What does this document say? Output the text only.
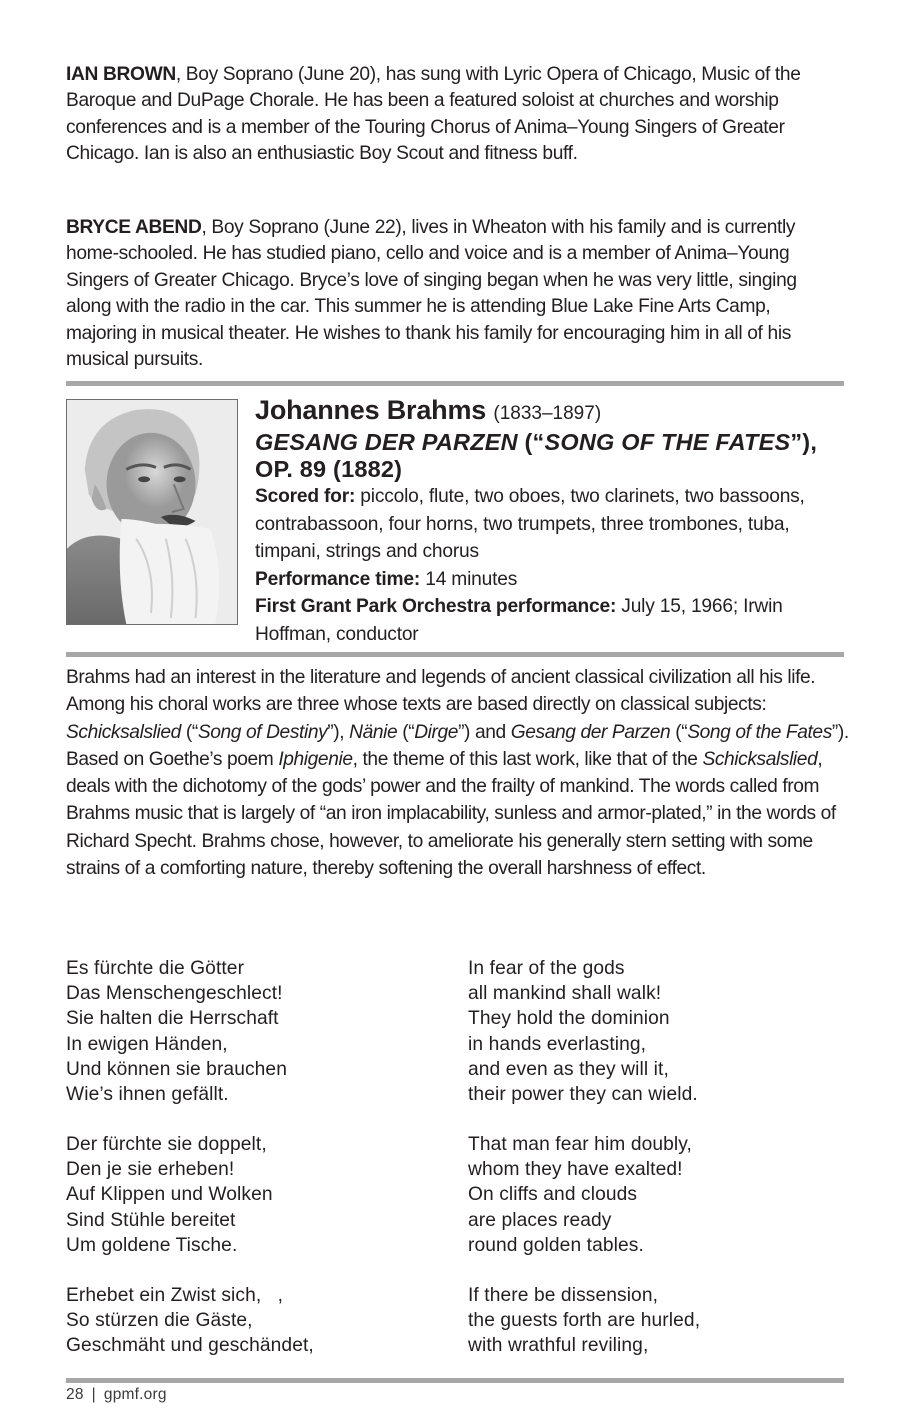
IAN BROWN, Boy Soprano (June 20), has sung with Lyric Opera of Chicago, Music of the Baroque and DuPage Chorale. He has been a featured soloist at churches and worship conferences and is a member of the Touring Chorus of Anima–Young Singers of Greater Chicago. Ian is also an enthusiastic Boy Scout and fitness buff.

BRYCE ABEND, Boy Soprano (June 22), lives in Wheaton with his family and is currently home-schooled. He has studied piano, cello and voice and is a member of Anima–Young Singers of Greater Chicago. Bryce’s love of singing began when he was very little, singing along with the radio in the car. This summer he is attending Blue Lake Fine Arts Camp, majoring in musical theater. He wishes to thank his family for encouraging him in all of his musical pursuits.

Johannes Brahms (1833–1897)
GESANG DER PARZEN (“SONG OF THE FATES”), OP. 89 (1882)
Scored for: piccolo, flute, two oboes, two clarinets, two bassoons, contrabassoon, four horns, two trumpets, three trombones, tuba, timpani, strings and chorus
Performance time: 14 minutes
First Grant Park Orchestra performance: July 15, 1966; Irwin Hoffman, conductor

Brahms had an interest in the literature and legends of ancient classical civilization all his life. Among his choral works are three whose texts are based directly on classical subjects: Schicksalslied (“Song of Destiny”), Nänie (“Dirge”) and Gesang der Parzen (“Song of the Fates”). Based on Goethe’s poem Iphigenie, the theme of this last work, like that of the Schicksalslied, deals with the dichotomy of the gods’ power and the frailty of mankind. The words called from Brahms music that is largely of “an iron implacability, sunless and armor-plated,” in the words of Richard Specht. Brahms chose, however, to ameliorate his generally stern setting with some strains of a comforting nature, thereby softening the overall harshness of effect.

Es fürchte die Götter
Das Menschengeschlect!
Sie halten die Herrschaft
In ewigen Händen,
Und können sie brauchen
Wie’s ihnen gefällt.
In fear of the gods
all mankind shall walk!
They hold the dominion
in hands everlasting,
and even as they will it,
their power they can wield.
Der fürchte sie doppelt,
Den je sie erheben!
Auf Klippen und Wolken
Sind Stühle bereitet
Um goldene Tische.
That man fear him doubly,
whom they have exalted!
On cliffs and clouds
are places ready
round golden tables.
Erhebet ein Zwist sich,   ,
So stürzen die Gäste,
Geschmäht und geschändet,
If there be dissension,
the guests forth are hurled,
with wrathful reviling,
28 | gpmf.org
